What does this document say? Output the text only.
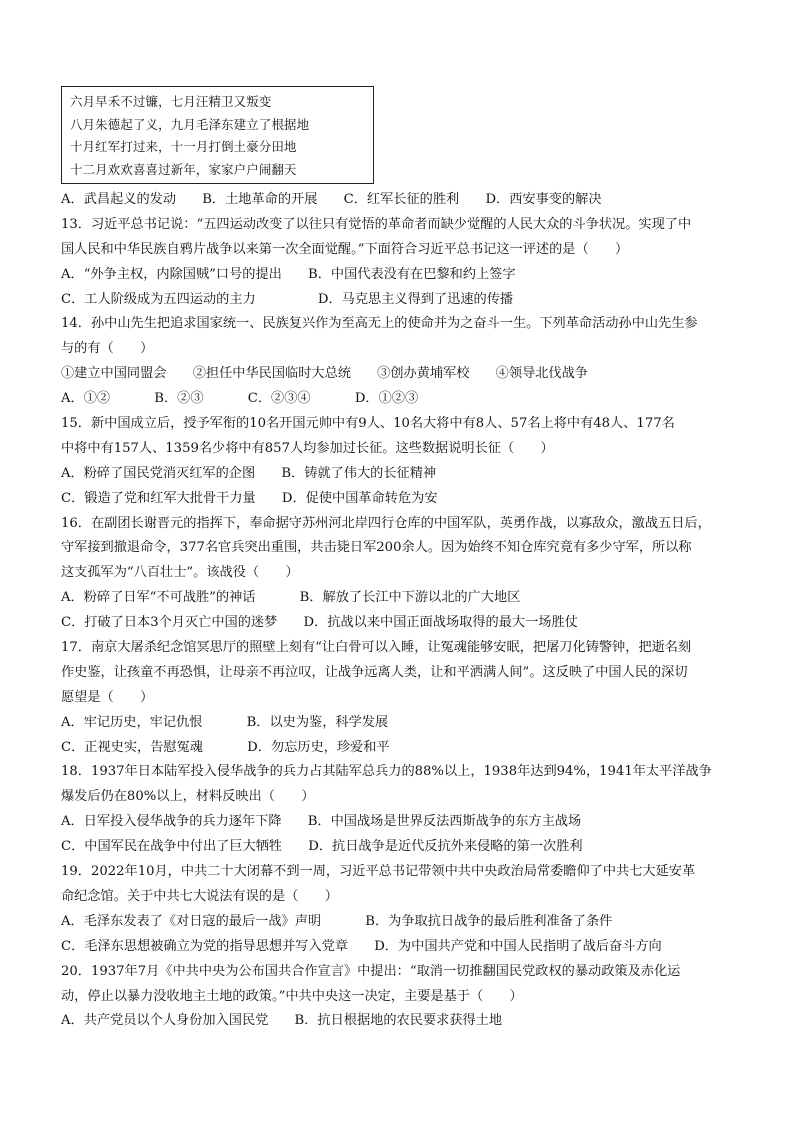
六月早禾不过镰，七月汪精卫又叛变
八月朱德起了义，九月毛泽东建立了根据地
十月红军打过来，十一月打倒土豪分田地
十二月欢欢喜喜过新年，家家户户闹翻天
A．武昌起义的发动 B．土地革命的开展 C．红军长征的胜利 D．西安事变的解决
13．习近平总书记说：“五四运动改变了以往只有觉悟的革命者而缺少觉醒的人民大众的斗争状况。实现了中
国人民和中华民族自鸦片战争以来第一次全面觉醒。”下面符合习近平总书记这一评述的是（　　）
A．“外争主权，内除国贼”口号的提出 B．中国代表没有在巴黎和约上签字
C．工人阶级成为五四运动的主力	D．马克思主义得到了迅速的传播
14．孙中山先生把追求国家统一、民族复兴作为至高无上的使命并为之奋斗一生。下列革命活动孙中山先生参
与的有（　　）
①建立中国同盟会 ②担任中华民国临时大总统 ③创办黄埔军校 ④领导北伐战争
A．①②	B．②③	C．②③④	D．①②③
15．新中国成立后，授予军衔的10名开国元帅中有9人、10名大将中有8人、57名上将中有48人、177名
中将中有157人、1359名少将中有857人均参加过长征。这些数据说明长征（　　）
A．粉碎了国民党消灭红军的企图 B．铸就了伟大的长征精神
C．锻造了党和红军大批骨干力量 D．促使中国革命转危为安
16．在副团长谢晋元的指挥下，奉命据守苏州河北岸四行仓库的中国军队，英勇作战，以寡敌众，激战五日后，
守军接到撤退命令，377名官兵突出重围，共击毙日军200余人。因为始终不知仓库究竟有多少守军，所以称
这支孤军为“八百壮士”。该战役（　　）
A．粉碎了日军“不可战胜”的神话	B．解放了长江中下游以北的广大地区
C．打破了日本3个月灭亡中国的迷梦 D．抗战以来中国正面战场取得的最大一场胜仗
17．南京大屠杀纪念馆冥思厅的照壁上刻有“让白骨可以入睡，让冤魂能够安眠，把屠刀化铸警钟，把逝名刻
作史鉴，让孩童不再恐惧，让母亲不再泣叹，让战争远离人类，让和平洒满人间”。这反映了中国人民的深切
愿望是（　　）
A．牢记历史，牢记仇恨	B．以史为鉴，科学发展
C．正视史实，告慰冤魂	D．勿忘历史，珍爱和平
18．1937年日本陆军投入侵华战争的兵力占其陆军总兵力的88%以上，1938年达到94%，1941年太平洋战争
爆发后仍在80%以上，材料反映出（　　）
A．日军投入侵华战争的兵力逐年下降 B．中国战场是世界反法西斯战争的东方主战场
C．中国军民在战争中付出了巨大牺牲 D．抗日战争是近代反抗外来侵略的第一次胜利
19．2022年10月，中共二十大闭幕不到一周，习近平总书记带领中共中央政治局常委瞻仰了中共七大延安革
命纪念馆。关于中共七大说法有误的是（　　）
A．毛泽东发表了《对日寇的最后一战》声明	B．为争取抗日战争的最后胜利准备了条件
C．毛泽东思想被确立为党的指导思想并写入党章 D．为中国共产党和中国人民指明了战后奋斗方向
20．1937年7月《中共中央为公布国共合作宣言》中提出：“取消一切推翻国民党政权的暴动政策及赤化运
动，停止以暴力没收地主土地的政策。”中共中央这一决定，主要是基于（　　）
A．共产党员以个人身份加入国民党 B．抗日根据地的农民要求获得土地
